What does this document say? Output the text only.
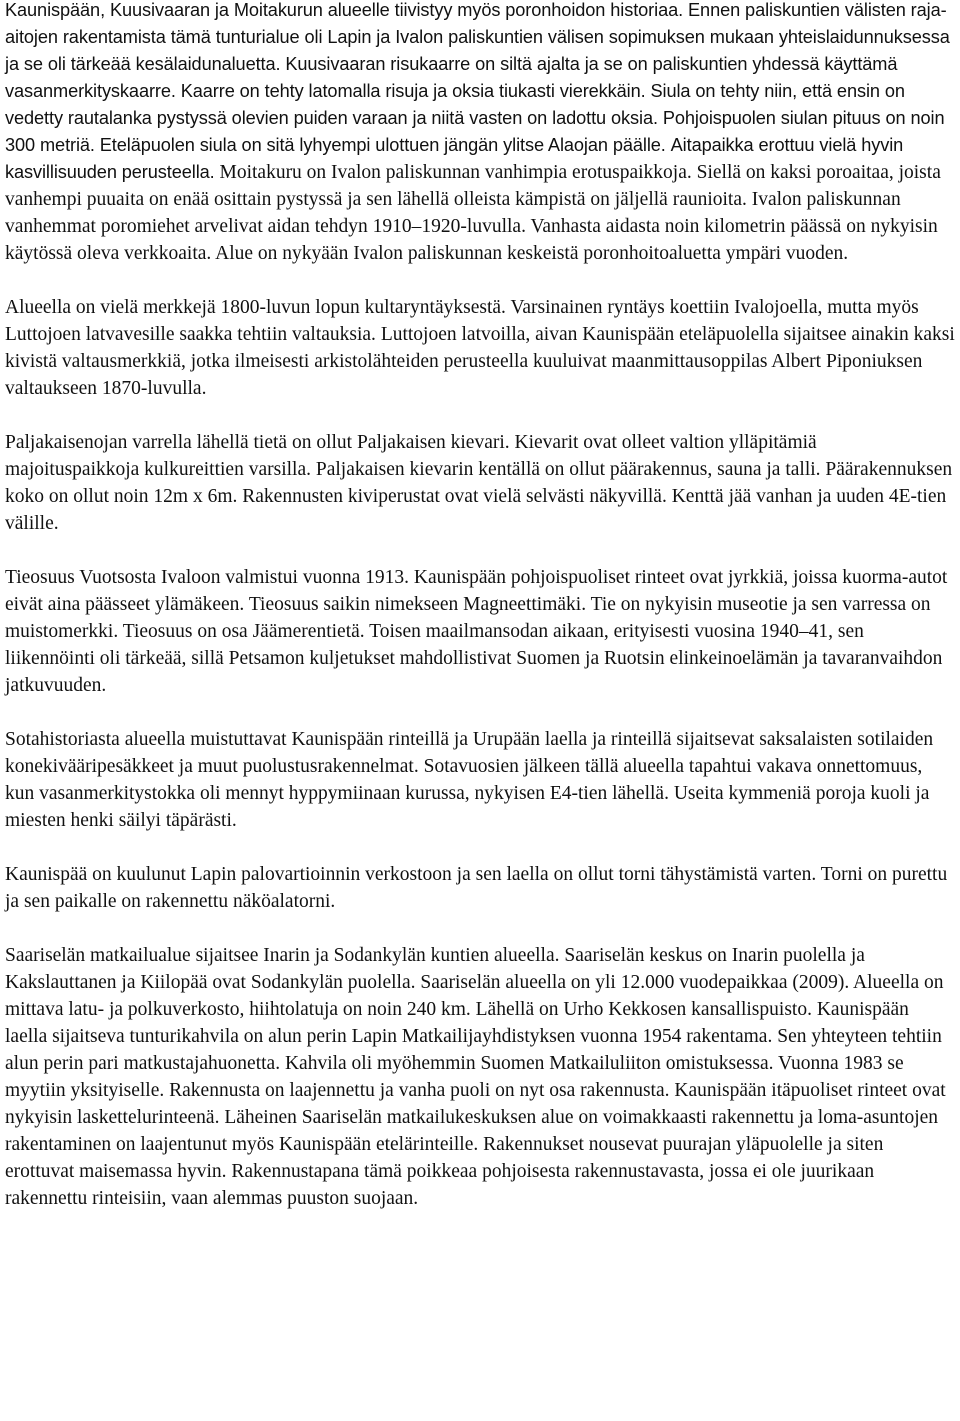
Kaunispään, Kuusivaaran ja Moitakurun alueelle tiivistyy myös poronhoidon historiaa. Ennen paliskuntien välisten raja-aitojen rakentamista tämä tunturialue oli Lapin ja Ivalon paliskuntien välisen sopimuksen mukaan yhteislaidunnuksessa ja se oli tärkeää kesälaidunaluetta. Kuusivaaran risukaarre on siltä ajalta ja se on paliskuntien yhdessä käyttämä vasanmerkityskaarre. Kaarre on tehty latomalla risuja ja oksia tiukasti vierekkäin. Siula on tehty niin, että ensin on vedetty rautalanka pystyssä olevien puiden varaan ja niitä vasten on ladottu oksia. Pohjoispuolen siulan pituus on noin 300 metriä. Eteläpuolen siula on sitä lyhyempi ulottuen jängän ylitse Alaojan päälle. Aitapaikka erottuu vielä hyvin kasvillisuuden perusteella. Moitakuru on Ivalon paliskunnan vanhimpia erotuspaikkoja. Siellä on kaksi poroaitaa, joista vanhempi puuaita on enää osittain pystyssä ja sen lähellä olleista kämpistä on jäljellä raunioita. Ivalon paliskunnan vanhemmat poromiehet arvelivat aidan tehdyn 1910–1920-luvulla. Vanhasta aidasta noin kilometrin päässä on nykyisin käytössä oleva verkkoaita. Alue on nykyään Ivalon paliskunnan keskeistä poronhoitoaluetta ympäri vuoden.

Alueella on vielä merkkejä 1800-luvun lopun kultaryntäyksestä. Varsinainen ryntäys koettiin Ivalojoella, mutta myös Luttojoen latvavesille saakka tehtiin valtauksia. Luttojoen latvoilla, aivan Kaunispään eteläpuolella sijaitsee ainakin kaksi kivistä valtausmerkkiä, jotka ilmeisesti arkistolähteiden perusteella kuuluivat maanmittausoppilas Albert Piponiuksen valtaukseen 1870-luvulla.

Paljakaisenojan varrella lähellä tietä on ollut Paljakaisen kievari. Kievarit ovat olleet valtion ylläpitämiä majoituspaikkoja kulkureittien varsilla. Paljakaisen kievarin kentällä on ollut päärakennus, sauna ja talli. Päärakennuksen koko on ollut noin 12m x 6m. Rakennusten kiviperustat ovat vielä selvästi näkyvillä. Kenttä jää vanhan ja uuden 4E-tien välille.

Tieosuus Vuotsosta Ivaloon valmistui vuonna 1913. Kaunispään pohjoispuoliset rinteet ovat jyrkkiä, joissa kuorma-autot eivät aina päässeet ylämäkeen. Tieosuus saikin nimekseen Magneettimäki. Tie on nykyisin museotie ja sen varressa on muistomerkki. Tieosuus on osa Jäämerentietä. Toisen maailmansodan aikaan, erityisesti vuosina 1940–41, sen liikennöinti oli tärkeää, sillä Petsamon kuljetukset mahdollistivat Suomen ja Ruotsin elinkeinoelämän ja tavaranvaihdon jatkuvuuden.

Sotahistoriasta alueella muistuttavat Kaunispään rinteillä ja Urupään laella ja rinteillä sijaitsevat saksalaisten sotilaiden konekivääripesäkkeet ja muut puolustusrakennelmat. Sotavuosien jälkeen tällä alueella tapahtui vakava onnettomuus, kun vasanmerkitystokka oli mennyt hyppymiinaan kurussa, nykyisen E4-tien lähellä. Useita kymmeniä poroja kuoli ja miesten henki säilyi täpärästi.

Kaunispää on kuulunut Lapin palovartioinnin verkostoon ja sen laella on ollut torni tähystämistä varten. Torni on purettu ja sen paikalle on rakennettu näköalatorni.

Saariselän matkailualue sijaitsee Inarin ja Sodankylän kuntien alueella. Saariselän keskus on Inarin puolella ja Kakslauttanen ja Kiilopää ovat Sodankylän puolella. Saariselän alueella on yli 12.000 vuodepaikkaa (2009). Alueella on mittava latu- ja polkuverkosto, hiihtolatuja on noin 240 km. Lähellä on Urho Kekkosen kansallispuisto. Kaunispään laella sijaitseva tunturikahvila on alun perin Lapin Matkailijayhdistyksen vuonna 1954 rakentama. Sen yhteyteen tehtiin alun perin pari matkustajahuonetta. Kahvila oli myöhemmin Suomen Matkailuliiton omistuksessa. Vuonna 1983 se myytiin yksityiselle. Rakennusta on laajennettu ja vanha puoli on nyt osa rakennusta. Kaunispään itäpuoliset rinteet ovat nykyisin laskettelurinteenä. Läheinen Saariselän matkailukeskuksen alue on voimakkaasti rakennettu ja loma-asuntojen rakentaminen on laajentunut myös Kaunispään etelärinteille. Rakennukset nousevat puurajan yläpuolelle ja siten erottuvat maisemassa hyvin. Rakennustapana tämä poikkeaa pohjoisesta rakennustavasta, jossa ei ole juurikaan rakennettu rinteisiin, vaan alemmas puuston suojaan.
